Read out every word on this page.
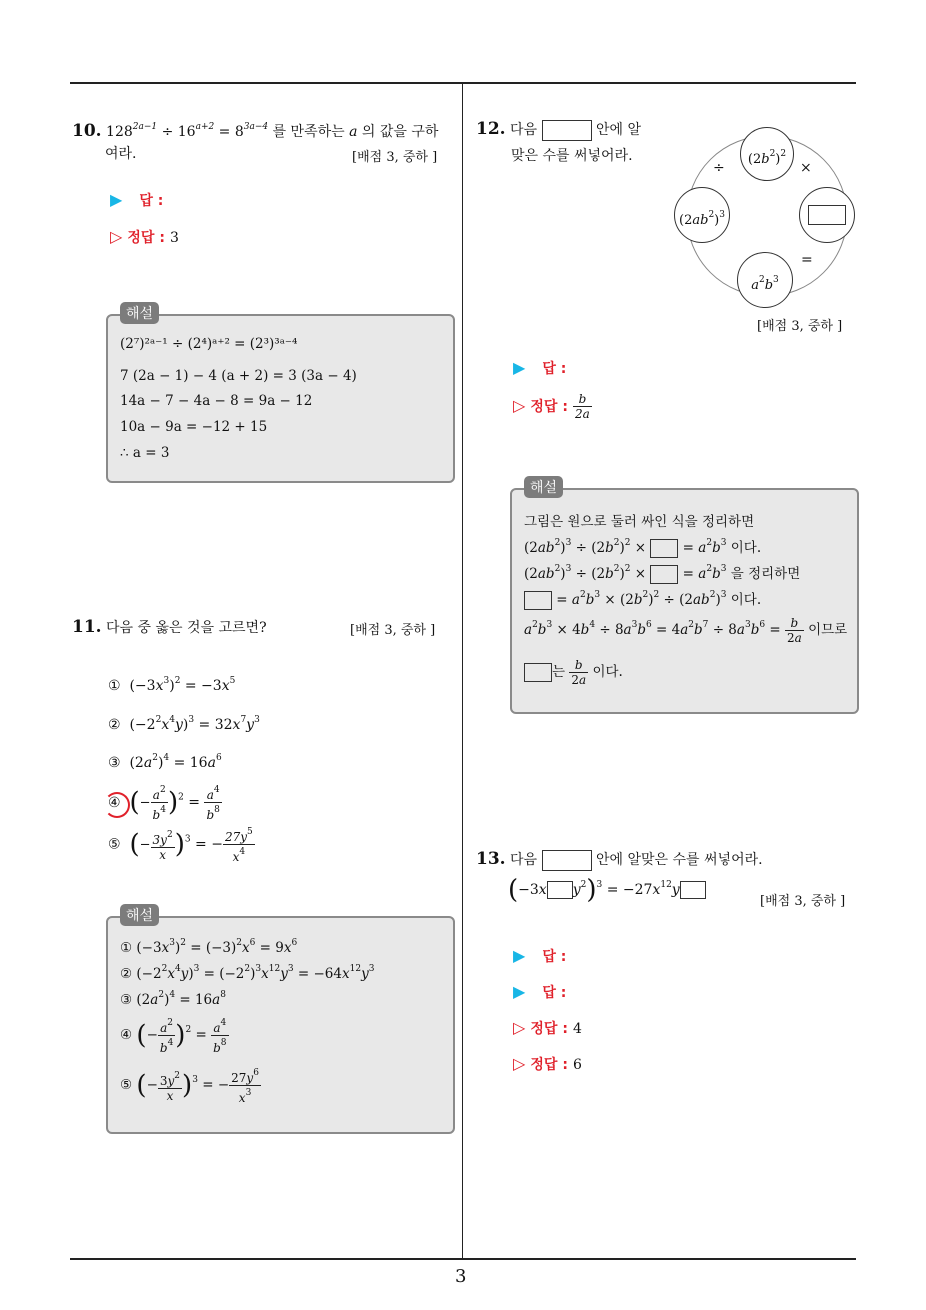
3
10. $128^{2a-1} \div 16^{a+2} = 8^{3a-4}$ 를 만족하는 a 의 값을 구하
여라.	[배점 3, 중하 ]
▶ 답 :
▷ 정답 : 3
(2⁷)²ᵃ⁻¹ ÷ (2⁴)ᵃ⁺² = (2³)³ᵃ⁻⁴
7 (2a − 1) − 4 (a + 2) = 3 (3a − 4)
14a − 7 − 4a − 8 = 9a − 12
10a − 9a = −12 + 15
∴ a = 3
해설
11. 다음 중 옳은 것을 고르면?	[배점 3, 중하 ]
① $(-3x^3)^2 = -3x^5$
② $(-2^2x^4y)^3 = 32x^7y^3$
③ $(2a^2)^4 = 16a^6$
④ (− $\frac{a^2}{b^4} )^2 = \frac{a^4}{b^8}$
⑤ (− $\frac{3y^2}{x} )^3$ = − $\frac{27y^5}{x^4}$
① $(-3x^3)^2 = (-3)^2x^6 = 9x^6$
② $(-2^2x^4y)^3 = (-2^2)^3x^{12}y^3 = -64x^{12}y^3$
③ $(2a^2)^4 = 16a^8$
④ (− $\frac{a^2}{b^4} )^2 = \frac{a^4}{b^8}$
⑤ (− $\frac{3y^2}{x} )^3$ = − $\frac{27y^6}{x^3}$
해설
12. 다음	안에 알
맞은 수를 써넣어라.	$(2b^2)^2$
$(2ab^2)^3$
$a^2b^3$
÷	×
=
[배점 3, 중하 ]
▶ 답 :
▷ 정답 : $\frac{b}{2a}$
그림은 원으로 둘러 싸인 식을 정리하면
$(2ab^2)^3 \div (2b^2)^2$ ×  = $a^2b^3$ 이다.
$(2ab^2)^3 \div (2b^2)^2$ ×  = $a^2b^3$ 을 정리하면
= $a^2b^3 \times (2b^2)^2 \div (2ab^2)^3$ 이다.
$a^2b^3 \times 4b^4 \div 8a^3b^6 = 4a^2b^7 \div 8a^3b^6 = \frac{b}{2a}$ 이므로
는 $\frac{b}{2a}$ 이다.
해설
13. 다음	안에 알맞은 수를 써넣어라.
(−3x $y^2)^3 = -27x^{12}y$
[배점 3, 중하 ]
▶ 답 :
▶ 답 :
▷ 정답 : 4
▷ 정답 : 6
